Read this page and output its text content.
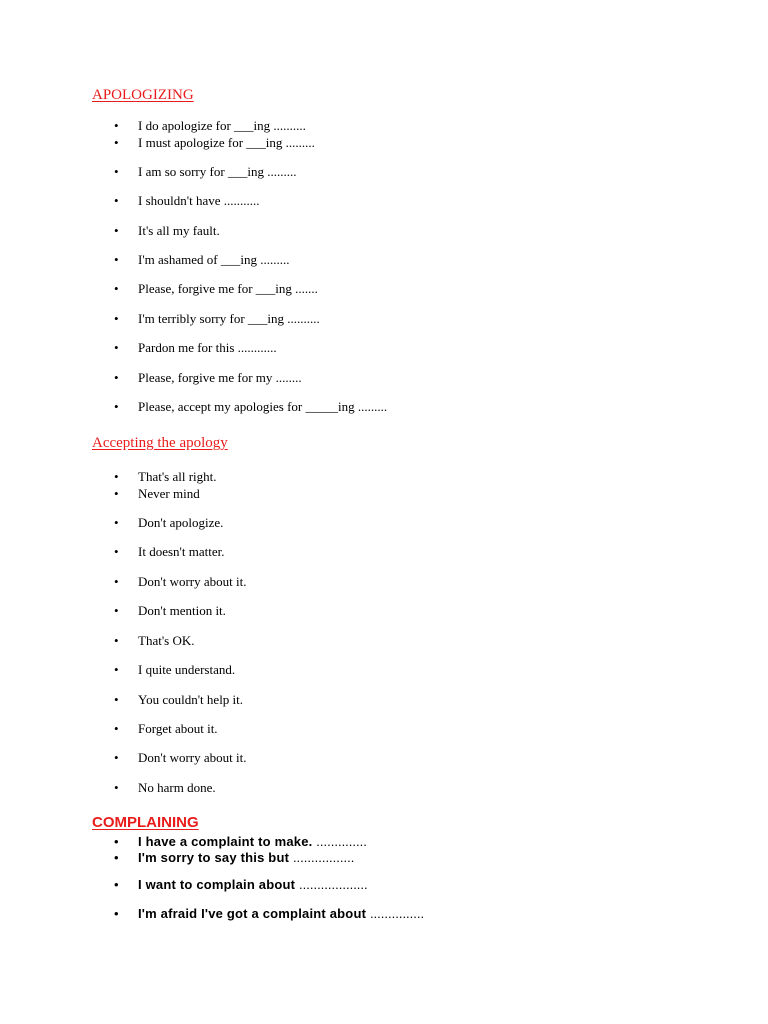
APOLOGIZING
• I do apologize for ___ing ..........
• I must apologize for ___ing .........
• I am so sorry for ___ing .........
• I shouldn't have ...........
• It's all my fault.
• I'm ashamed of ___ing .........
• Please, forgive me for ___ing .......
• I'm terribly sorry for ___ing ..........
• Pardon me for this ............
• Please, forgive me for my ........
• Please, accept my apologies for _____ing .........
Accepting the apology
• That's all right.
• Never mind
• Don't apologize.
• It doesn't matter.
• Don't worry about it.
• Don't mention it.
• That's OK.
• I quite understand.
• You couldn't help it.
• Forget about it.
• Don't worry about it.
• No harm done.
COMPLAINING
• I have a complaint to make. ..............
• I'm sorry to say this but .................
• I want to complain about ...................
• I'm afraid I've got a complaint about ...............
